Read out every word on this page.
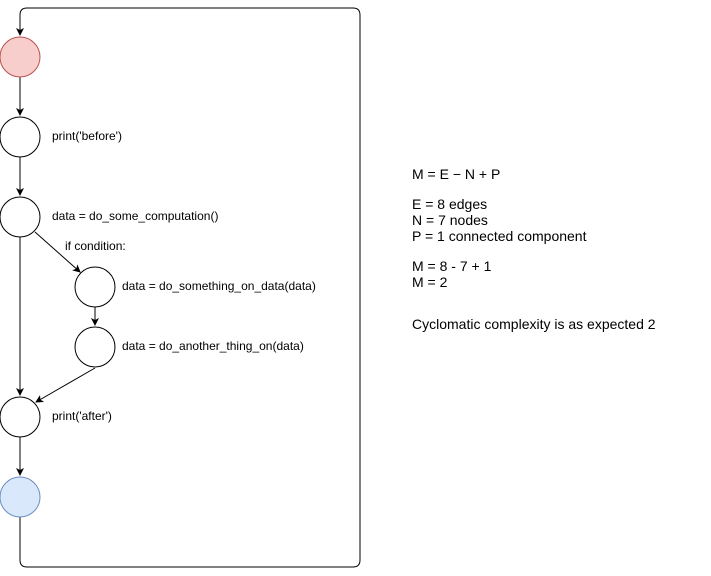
print('before')
data = do_some_computation()
if condition:
data = do_something_on_data(data)
data = do_another_thing_on(data)
print('after')
M = E − N + P
E = 8 edges
N = 7 nodes
P = 1 connected component
M = 8 - 7 + 1
M = 2
Cyclomatic complexity is as expected 2
